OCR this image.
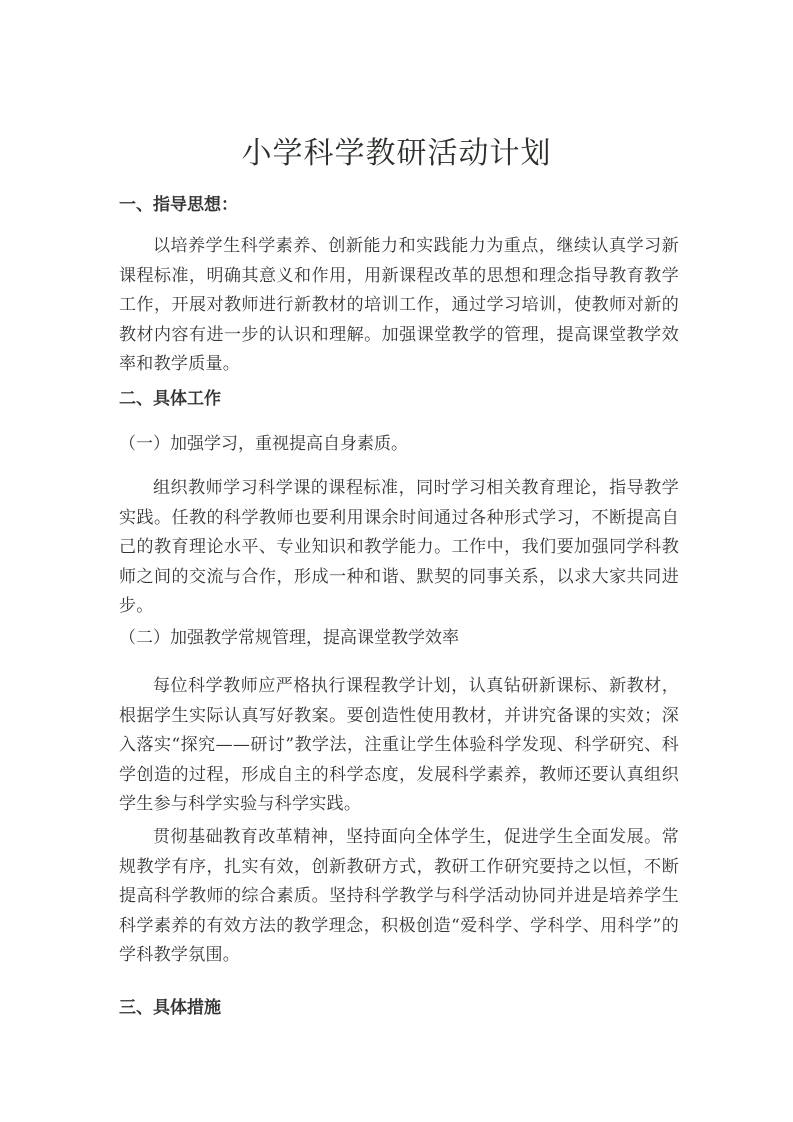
小学科学教研活动计划
一、指导思想：
以培养学生科学素养、创新能力和实践能力为重点，继续认真学习新课程标准，明确其意义和作用，用新课程改革的思想和理念指导教育教学工作，开展对教师进行新教材的培训工作，通过学习培训，使教师对新的教材内容有进一步的认识和理解。加强课堂教学的管理，提高课堂教学效率和教学质量。
二、具体工作
（一）加强学习，重视提高自身素质。
组织教师学习科学课的课程标准，同时学习相关教育理论，指导教学实践。任教的科学教师也要利用课余时间通过各种形式学习，不断提高自己的教育理论水平、专业知识和教学能力。工作中，我们要加强同学科教师之间的交流与合作，形成一种和谐、默契的同事关系，以求大家共同进步。
（二）加强教学常规管理，提高课堂教学效率
每位科学教师应严格执行课程教学计划，认真钻研新课标、新教材，根据学生实际认真写好教案。要创造性使用教材，并讲究备课的实效；深入落实“探究——研讨”教学法，注重让学生体验科学发现、科学研究、科学创造的过程，形成自主的科学态度，发展科学素养，教师还要认真组织学生参与科学实验与科学实践。
贯彻基础教育改革精神，坚持面向全体学生，促进学生全面发展。常规教学有序，扎实有效，创新教研方式，教研工作研究要持之以恒，不断提高科学教师的综合素质。坚持科学教学与科学活动协同并进是培养学生科学素养的有效方法的教学理念，积极创造“爱科学、学科学、用科学”的学科教学氛围。
三、具体措施
